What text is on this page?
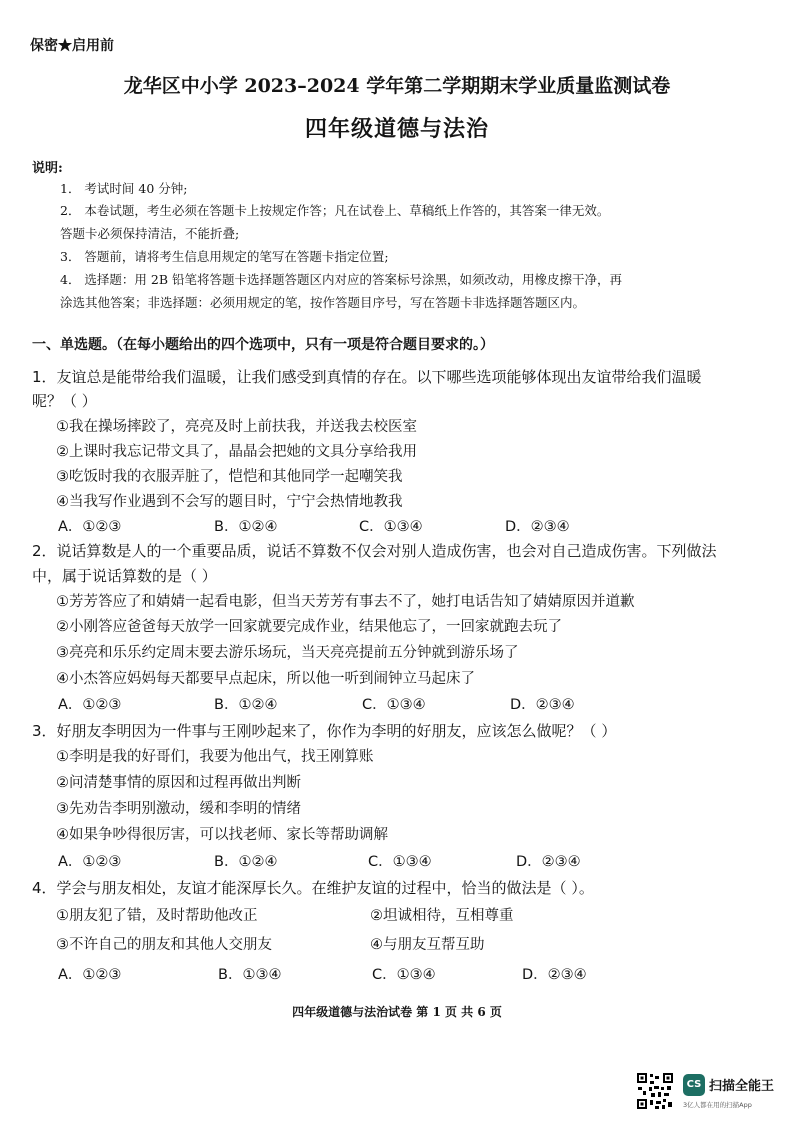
保密★启用前
龙华区中小学 2023–2024 学年第二学期期末学业质量监测试卷
四年级道德与法治
说明:
1． 考试时间 40 分钟;
2． 本卷试题，考生必须在答题卡上按规定作答；凡在试卷上、草稿纸上作答的，其答案一律无效。
答题卡必须保持清洁，不能折叠;
3． 答题前，请将考生信息用规定的笔写在答题卡指定位置;
4． 选择题：用 2B 铅笔将答题卡选择题答题区内对应的答案标号涂黑，如须改动，用橡皮擦干净，再
涂选其他答案；非选择题：必须用规定的笔，按作答题目序号，写在答题卡非选择题答题区内。
一、单选题。（在每小题给出的四个选项中，只有一项是符合题目要求的。）
1．友谊总是能带给我们温暖，让我们感受到真情的存在。以下哪些选项能够体现出友谊带给我们温暖
呢？（ ）
①我在操场摔跤了，亮亮及时上前扶我，并送我去校医室
②上课时我忘记带文具了，晶晶会把她的文具分享给我用
③吃饭时我的衣服弄脏了，恺恺和其他同学一起嘲笑我
④当我写作业遇到不会写的题目时，宁宁会热情地教我
A．①②③	B．①②④	C．①③④	D．②③④
2．说话算数是人的一个重要品质，说话不算数不仅会对别人造成伤害，也会对自己造成伤害。下列做法
中，属于说话算数的是（ ）
①芳芳答应了和婧婧一起看电影，但当天芳芳有事去不了，她打电话告知了婧婧原因并道歉
②小刚答应爸爸每天放学一回家就要完成作业，结果他忘了，一回家就跑去玩了
③亮亮和乐乐约定周末要去游乐场玩，当天亮亮提前五分钟就到游乐场了
④小杰答应妈妈每天都要早点起床，所以他一听到闹钟立马起床了
A．①②③	B．①②④	C．①③④	D．②③④
3．好朋友李明因为一件事与王刚吵起来了，你作为李明的好朋友，应该怎么做呢？（ ）
①李明是我的好哥们，我要为他出气，找王刚算账
②问清楚事情的原因和过程再做出判断
③先劝告李明别激动，缓和李明的情绪
④如果争吵得很厉害，可以找老师、家长等帮助调解
A．①②③	B．①②④	C．①③④	D．②③④
4．学会与朋友相处，友谊才能深厚长久。在维护友谊的过程中，恰当的做法是（ ）。
①朋友犯了错，及时帮助他改正	②坦诚相待，互相尊重
③不许自己的朋友和其他人交朋友	④与朋友互帮互助
A．①②③	B．①③④	C．①③④	D．②③④
四年级道德与法治试卷 第 1 页 共 6 页
CS 扫描全能王
3亿人都在用的扫描App
